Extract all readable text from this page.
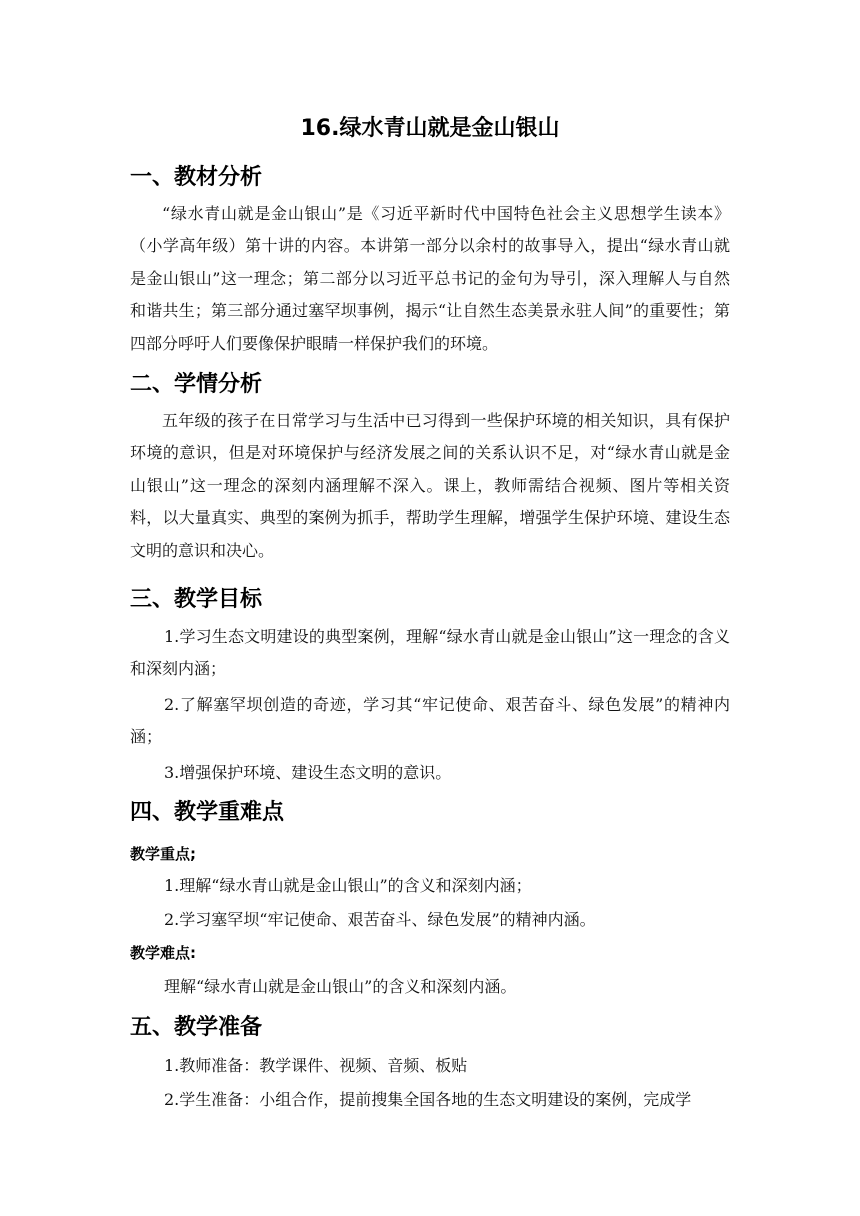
16.绿水青山就是金山银山
一、教材分析

“绿水青山就是金山银山”是《习近平新时代中国特色社会主义思想学生读本》（小学高年级）第十讲的内容。本讲第一部分以余村的故事导入，提出“绿水青山就是金山银山”这一理念；第二部分以习近平总书记的金句为导引，深入理解人与自然和谐共生；第三部分通过塞罕坝事例，揭示“让自然生态美景永驻人间”的重要性；第四部分呼吁人们要像保护眼睛一样保护我们的环境。

二、学情分析

五年级的孩子在日常学习与生活中已习得到一些保护环境的相关知识，具有保护环境的意识，但是对环境保护与经济发展之间的关系认识不足，对“绿水青山就是金山银山”这一理念的深刻内涵理解不深入。课上，教师需结合视频、图片等相关资料，以大量真实、典型的案例为抓手，帮助学生理解，增强学生保护环境、建设生态文明的意识和决心。

三、教学目标

1.学习生态文明建设的典型案例，理解“绿水青山就是金山银山”这一理念的含义和深刻内涵；

2.了解塞罕坝创造的奇迹，学习其“牢记使命、艰苦奋斗、绿色发展”的精神内涵；

3.增强保护环境、建设生态文明的意识。

四、教学重难点
教学重点;

1.理解“绿水青山就是金山银山”的含义和深刻内涵；

2.学习塞罕坝“牢记使命、艰苦奋斗、绿色发展”的精神内涵。

教学难点:

理解“绿水青山就是金山银山”的含义和深刻内涵。

五、教学准备

1.教师准备：教学课件、视频、音频、板贴

2.学生准备：小组合作，提前搜集全国各地的生态文明建设的案例，完成学
